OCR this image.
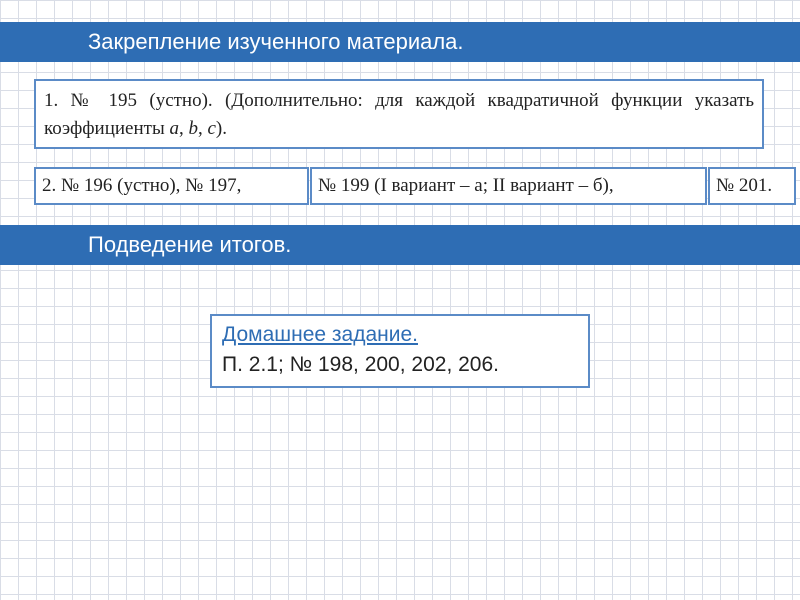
Закрепление изученного материала.
1. № 195 (устно). (Дополнительно: для каждой квадратичной функции указать коэффициенты a, b, c).
2. № 196 (устно), № 197,	№ 199 (I вариант – а; II вариант – б),	№ 201.
Подведение итогов.
Домашнее задание.
П. 2.1; № 198, 200, 202, 206.
